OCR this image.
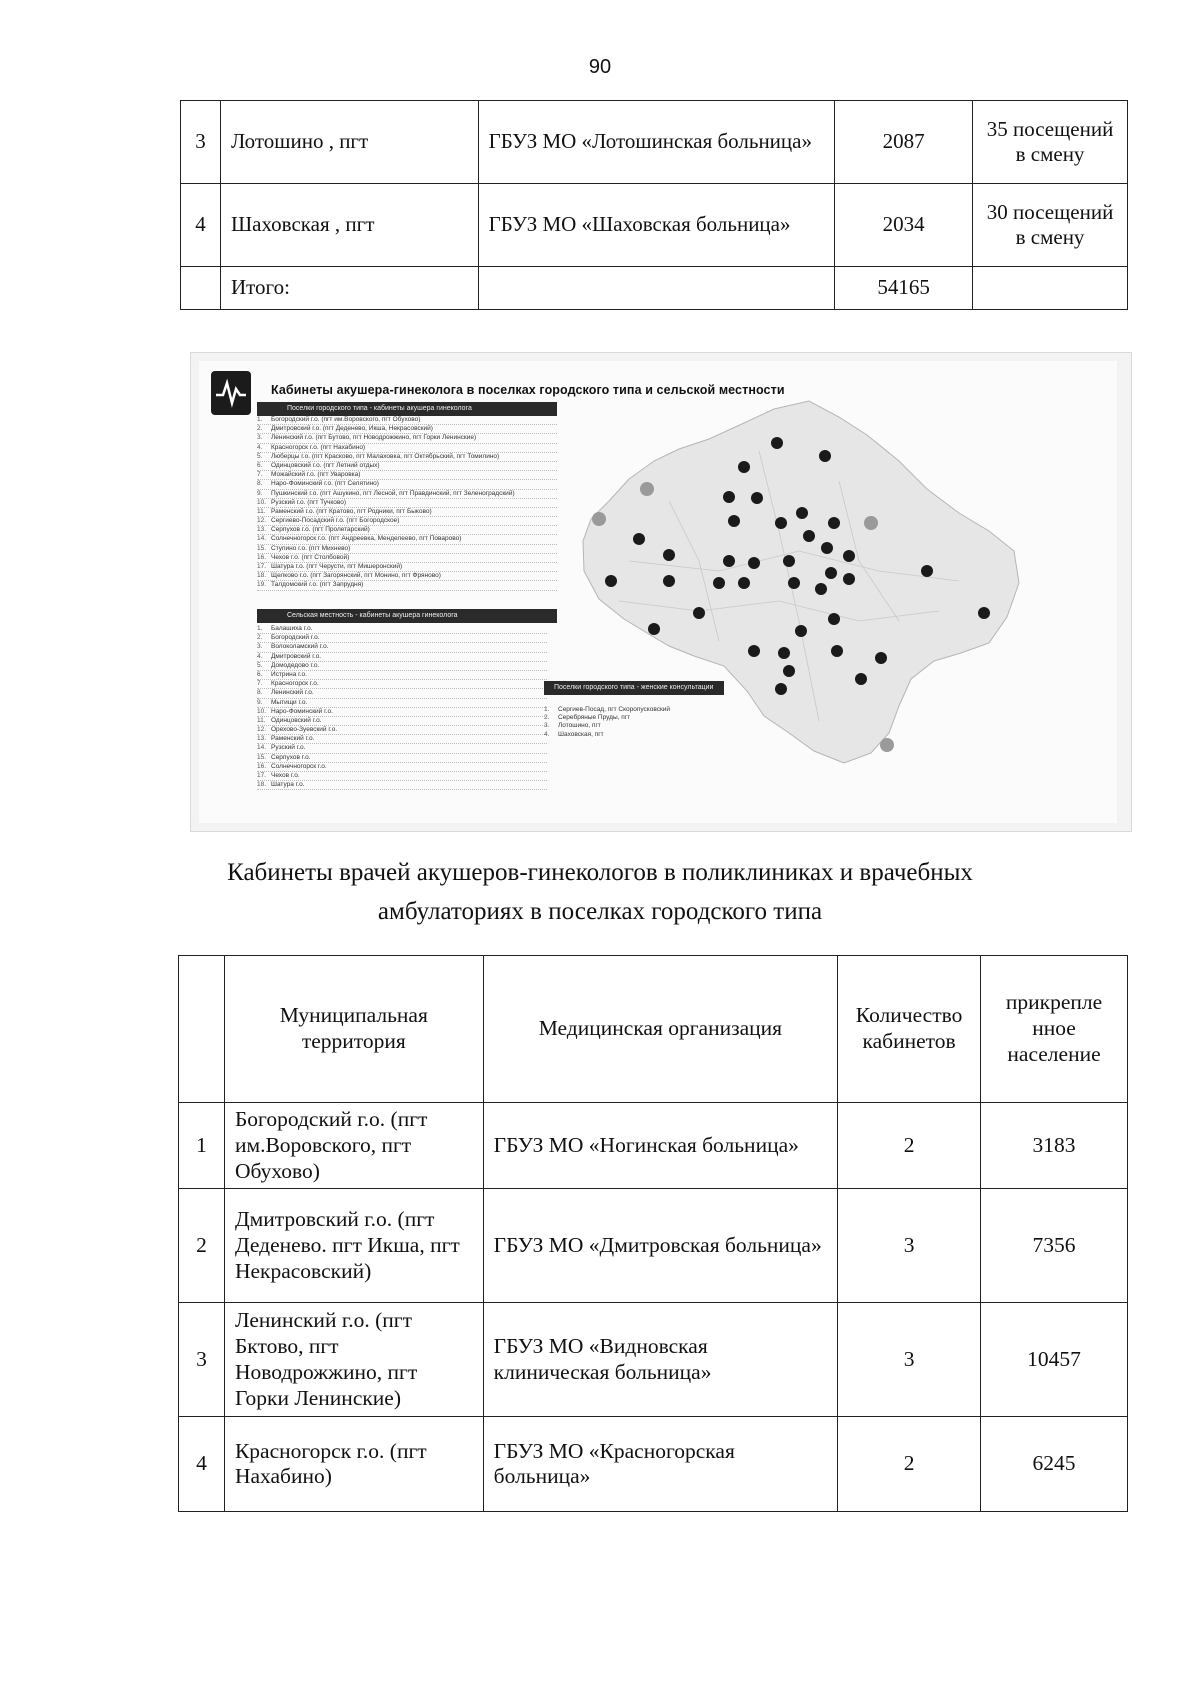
90
3	Лотошино , пгт	ГБУЗ МО «Лотошинская больница»	2087	35 посещений в смену
4	Шаховская , пгт	ГБУЗ МО «Шаховская больница»	2034	30 посещений в смену
	Итого:		54165	
Кабинеты акушера-гинеколога в поселках городского типа и сельской местности
Поселки городского типа - кабинеты акушера гинеколога
1. Богородский г.о. (пгт им.Воровского, пгт Обухово)
2. Дмитровский г.о. (пгт Деденево, Икша, Некрасовский)
3. Ленинский г.о. (пгт Бутово, пгт Новодрожжино, пгт Горки Ленинские)
4. Красногорск г.о. (пгт Нахабино)
5. Люберцы г.о. (пгт Красково, пгт Малаховка, пгт Октябрьский, пгт Томилино)
6. Одинцовский г.о. (пгт Летний отдых)
7. Можайский г.о. (пгт Уваровка)
8. Наро-Фоминский г.о. (пгт Селятино)
9. Пушкинский г.о. (пгт Ашукино, пгт Лесной, пгт Правдинский, пгт Зеленоградский)
10. Рузский г.о. (пгт Тучково)
11. Раменский г.о. (пгт Кратово, пгт Родники, пгт Быково)
12. Сергиево-Посадский г.о. (пгт Богородское)
13. Серпухов г.о. (пгт Пролетарский)
14. Солнечногорск г.о. (пгт Андреевка, Менделеево, пгт Поварово)
15. Ступино г.о. (пгт Михнево)
16. Чехов г.о. (пгт Столбовой)
17. Шатура г.о. (пгт Черусти, пгт Мишеронский)
18. Щелково г.о. (пгт Загорянский, пгт Монино, пгт Фряново)
19. Талдомский г.о. (пгт Запрудня)
Сельская местность - кабинеты акушера гинеколога
1. Балашиха г.о.
2. Богородский г.о.
3. Волоколамский г.о.
4. Дмитровский г.о.
5. Домодедово г.о.
6. Истрина г.о.
7. Красногорск г.о.
8. Ленинский г.о.
9. Мытищи г.о.
10. Наро-Фоминский г.о.
11. Одинцовский г.о.
12. Орехово-Зуевский г.о.
13. Раменский г.о.
14. Рузский г.о.
15. Серпухов г.о.
16. Солнечногорск г.о.
17. Чехов г.о.
18. Шатура г.о.
Поселки городского типа - женские консультации
1. Сергиев-Посад, пгт Скоропусковский
2. Серебряные Пруды, пгт
3. Лотошино, пгт
4. Шаховская, пгт
Кабинеты врачей акушеров-гинекологов в поликлиниках и врачебных
амбулаториях в поселках городского типа
	Муниципальная территория	Медицинская организация	Количество кабинетов	прикрепле нное население
1	Богородский г.о. (пгт им.Воровского, пгт Обухово)	ГБУЗ МО «Ногинская больница»	2	3183
2	Дмитровский г.о. (пгт Деденево. пгт Икша, пгт Некрасовский)	ГБУЗ МО «Дмитровская больница»	3	7356
3	Ленинский г.о. (пгт Бктово, пгт Новодрожжино, пгт Горки Ленинские)	ГБУЗ МО «Видновская клиническая больница»	3	10457
4	Красногорск г.о. (пгт Нахабино)	ГБУЗ МО «Красногорская больница»	2	6245
